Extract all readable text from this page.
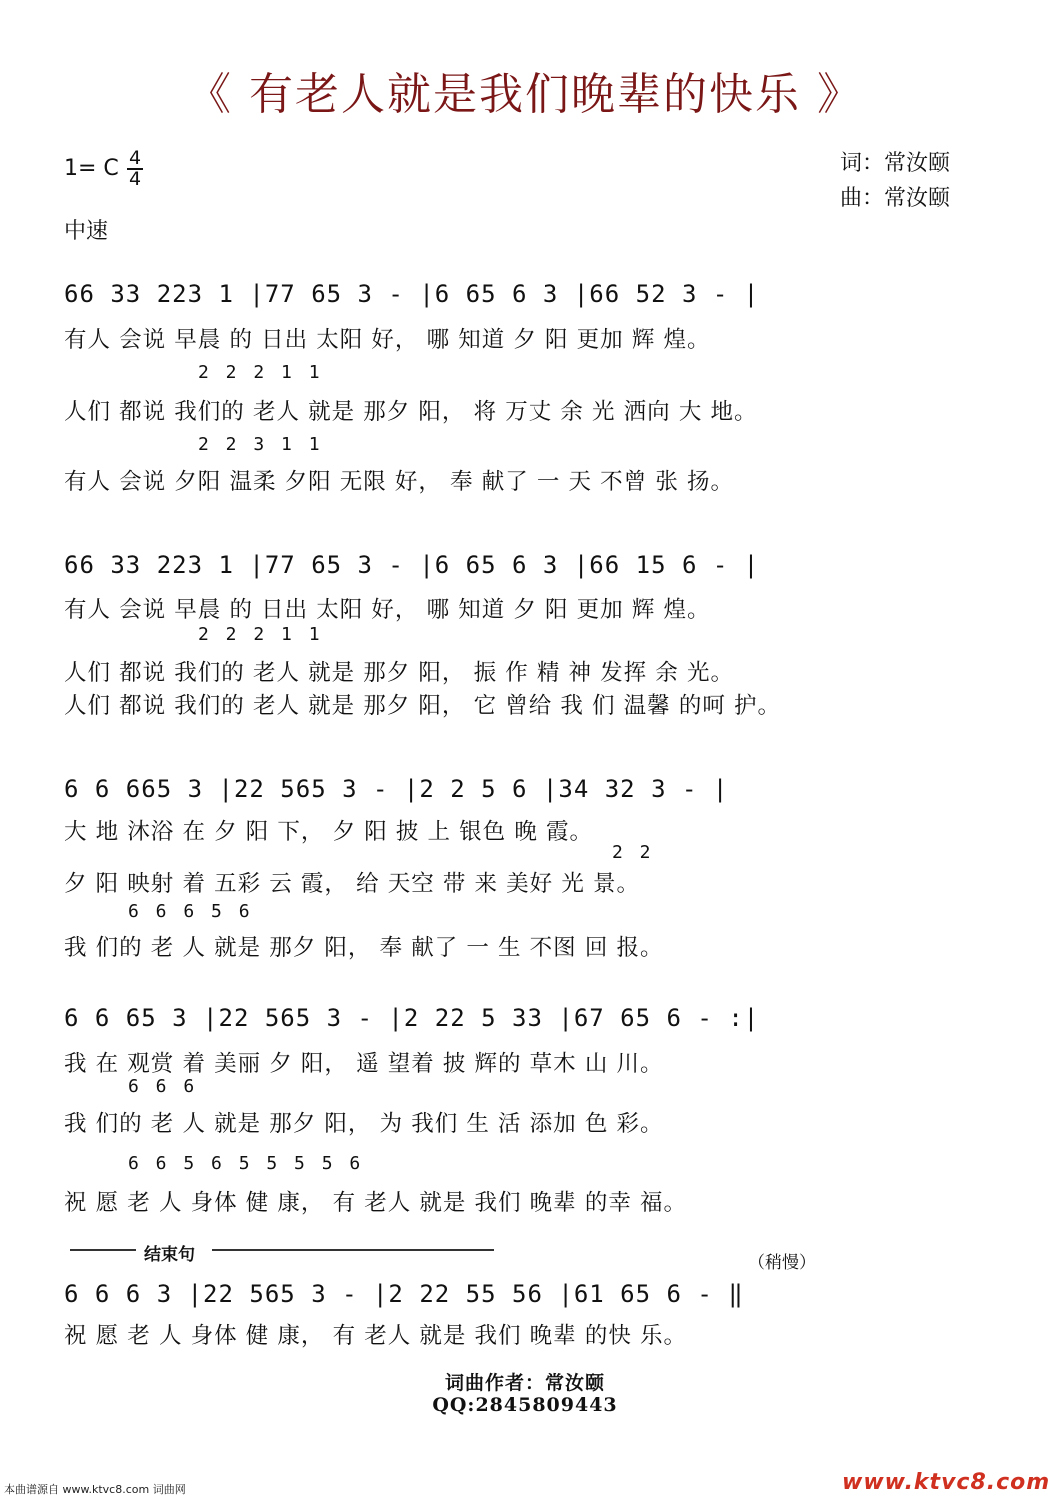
《 有老人就是我们晚辈的快乐 》
1= C 4
4
词：常汝颐
曲：常汝颐
中速
66 33 223 1 |77 65 3 - |6 65 6 3 |66 52 3 - |
有人 会说 早晨 的 日出 太阳 好， 哪 知道 夕 阳 更加 辉 煌。
2 2 2 1 1
人们 都说 我们的 老人 就是 那夕 阳， 将 万丈 余 光 洒向 大 地。
2 2 3 1 1
有人 会说 夕阳 温柔 夕阳 无限 好， 奉 献了 一 天 不曾 张 扬。
66 33 223 1 |77 65 3 - |6 65 6 3 |66 15 6 - |
有人 会说 早晨 的 日出 太阳 好， 哪 知道 夕 阳 更加 辉 煌。
2 2 2 1 1
人们 都说 我们的 老人 就是 那夕 阳， 振 作 精 神 发挥 余 光。
人们 都说 我们的 老人 就是 那夕 阳， 它 曾给 我 们 温馨 的呵 护。
6 6 665 3 |22 565 3 - |2 2 5 6 |34 32 3 - |
大 地 沐浴 在 夕 阳 下， 夕 阳 披 上 银色 晚 霞。
2 2
夕 阳 映射 着 五彩 云 霞， 给 天空 带 来 美好 光 景。
6 6 6 5 6
我 们的 老 人 就是 那夕 阳， 奉 献了 一 生 不图 回 报。
6 6 65 3 |22 565 3 - |2 22 5 33 |67 65 6 - :|
我 在 观赏 着 美丽 夕 阳， 遥 望着 披 辉的 草木 山 川。
6 6 6
我 们的 老 人 就是 那夕 阳， 为 我们 生 活 添加 色 彩。
6 6 5 6 5 5 5 5 6
祝 愿 老 人 身体 健 康， 有 老人 就是 我们 晚辈 的幸 福。
结束句	（稍慢）
6 6 6 3 |22 565 3 - |2 22 55 56 |61 65 6 - ‖
祝 愿 老 人 身体 健 康， 有 老人 就是 我们 晚辈 的快 乐。
词曲作者：常汝颐
QQ:2845809443
本曲谱源自 www.ktvc8.com 词曲网	www.ktvc8.com
